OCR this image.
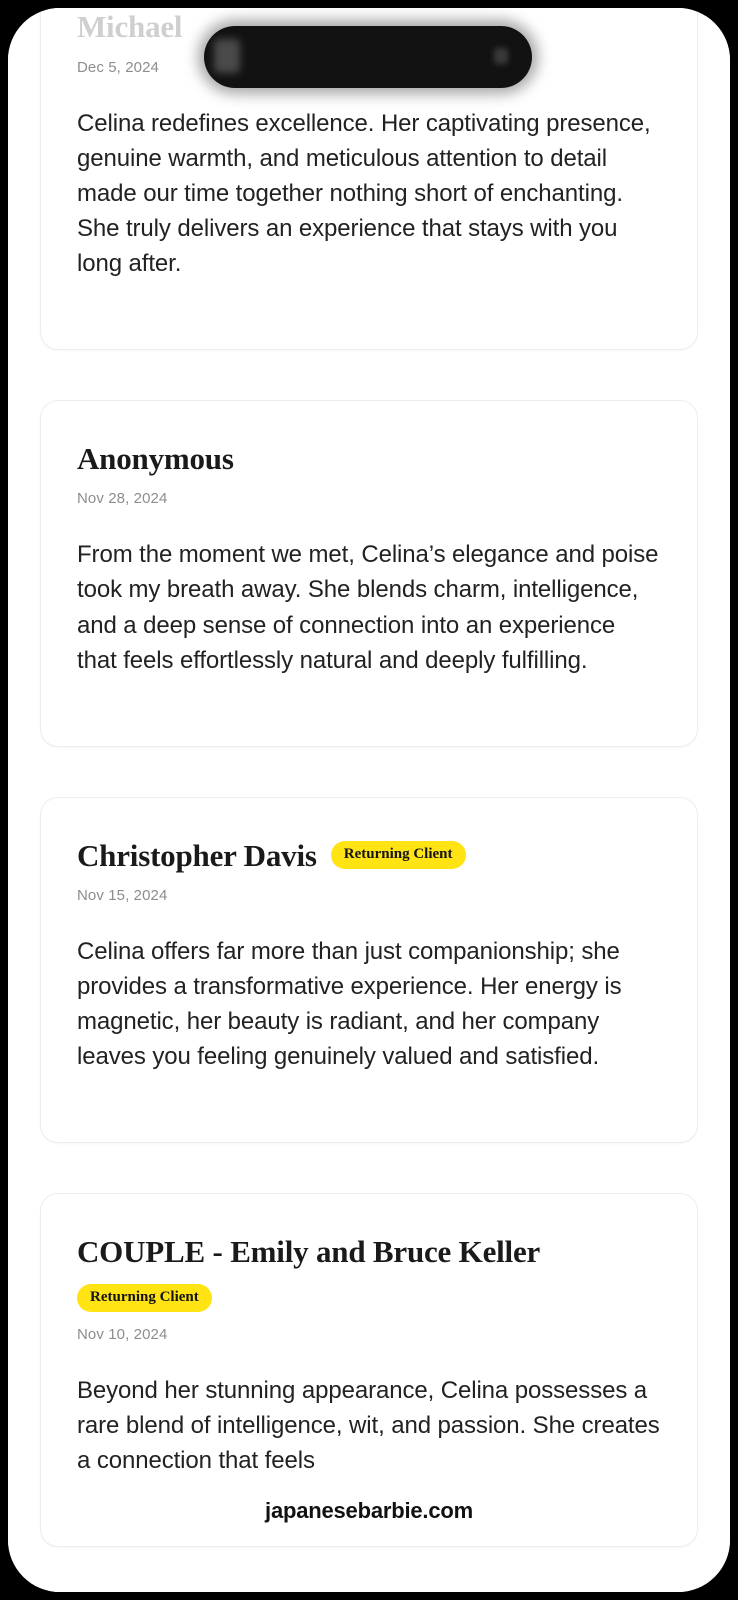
Michael
Dec 5, 2024

Celina redefines excellence. Her captivating presence, genuine warmth, and meticulous attention to detail made our time together nothing short of enchanting. She truly delivers an experience that stays with you long after.

Anonymous
Nov 28, 2024

From the moment we met, Celina’s elegance and poise took my breath away. She blends charm, intelligence, and a deep sense of connection into an experience that feels effortlessly natural and deeply fulfilling.

Christopher Davis	Returning Client
Nov 15, 2024

Celina offers far more than just companionship; she provides a transformative experience. Her energy is magnetic, her beauty is radiant, and her company leaves you feeling genuinely valued and satisfied.

COUPLE - Emily and Bruce Keller
Returning Client
Nov 10, 2024

Beyond her stunning appearance, Celina possesses a rare blend of intelligence, wit, and passion. She creates a connection that feels

japanesebarbie.com
